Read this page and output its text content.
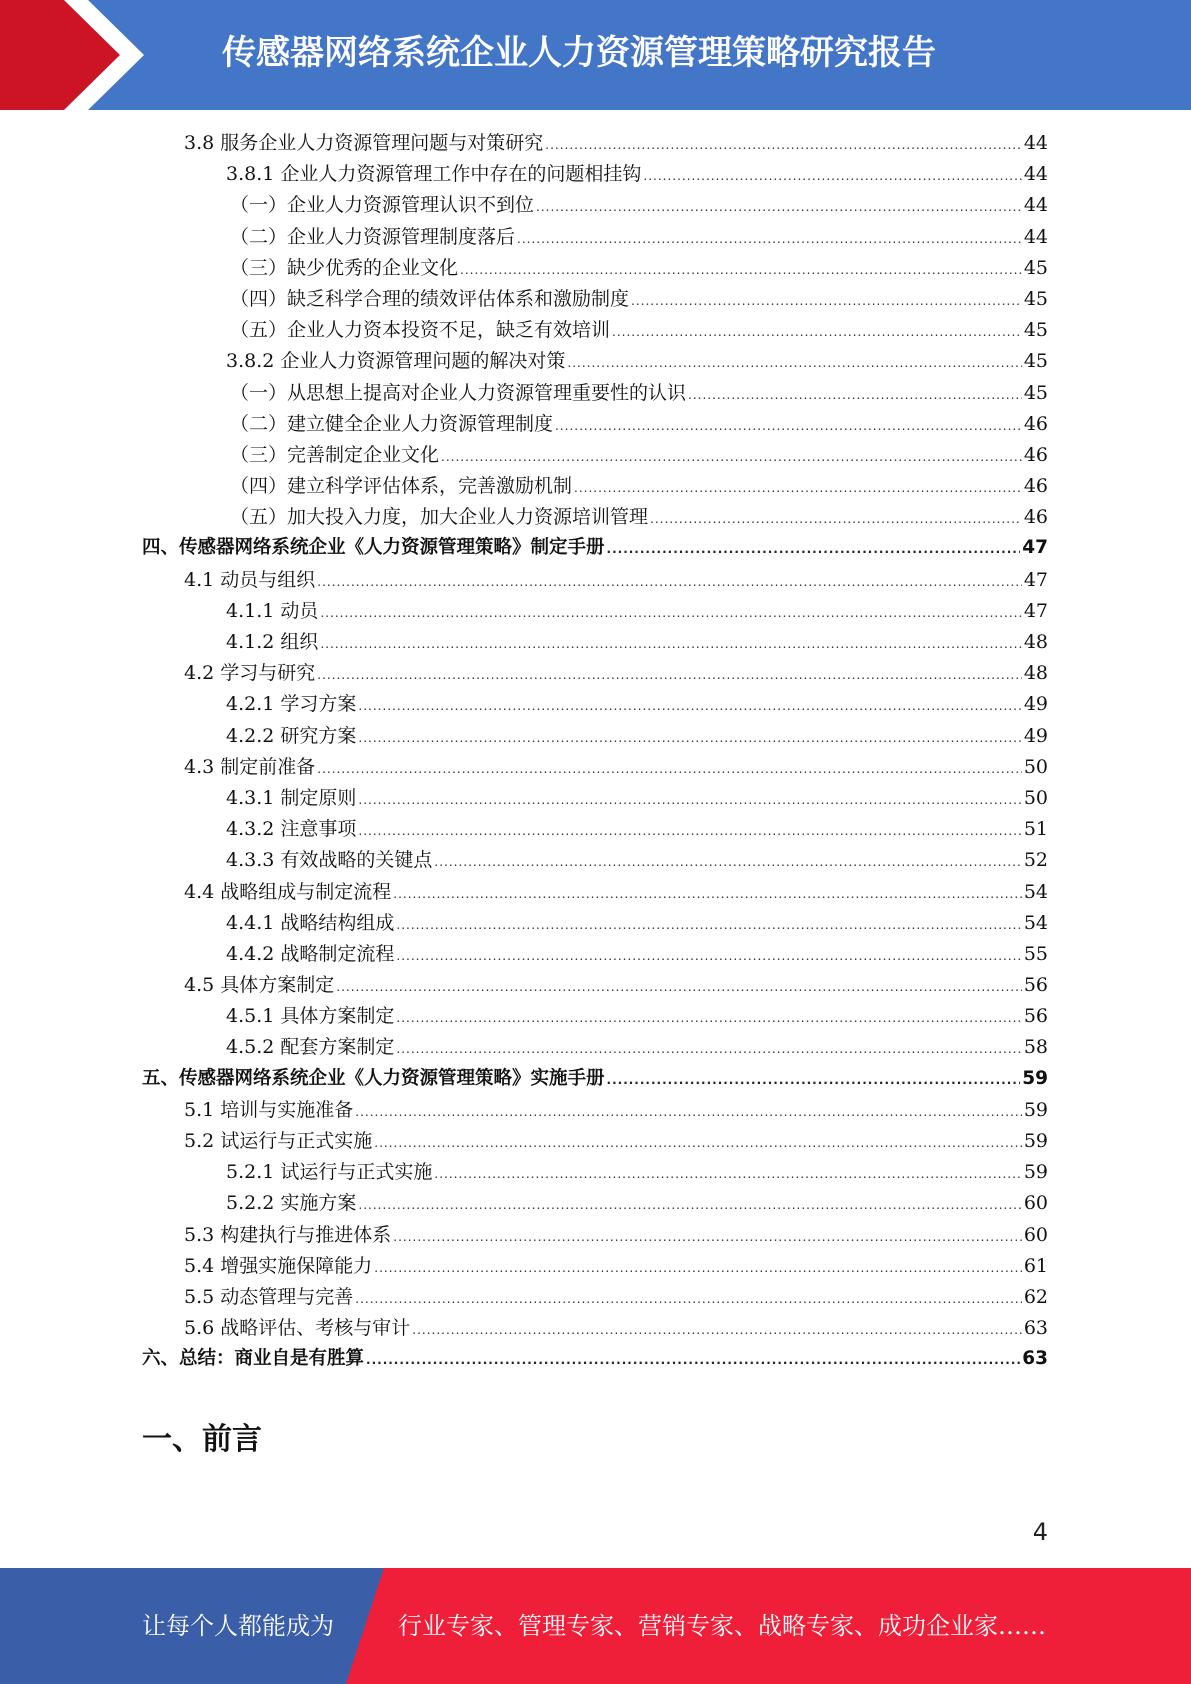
传感器网络系统企业人力资源管理策略研究报告
3.8 服务企业人力资源管理问题与对策研究 .....	44
3.8.1 企业人力资源管理工作中存在的问题相挂钩 .....	44
（一）企业人力资源管理认识不到位 .....	44
（二）企业人力资源管理制度落后 .....	44
（三）缺少优秀的企业文化 .....	45
（四）缺乏科学合理的绩效评估体系和激励制度 .....	45
（五）企业人力资本投资不足，缺乏有效培训 .....	45
3.8.2 企业人力资源管理问题的解决对策 .....	45
（一）从思想上提高对企业人力资源管理重要性的认识 .....	45
（二）建立健全企业人力资源管理制度 .....	46
（三）完善制定企业文化 .....	46
（四）建立科学评估体系，完善激励机制 .....	46
（五）加大投入力度，加大企业人力资源培训管理 .....	46
四、传感器网络系统企业《人力资源管理策略》制定手册 .....	47
4.1 动员与组织 .....	47
4.1.1 动员 .....	47
4.1.2 组织 .....	48
4.2 学习与研究 .....	48
4.2.1 学习方案 .....	49
4.2.2 研究方案 .....	49
4.3 制定前准备 .....	50
4.3.1 制定原则 .....	50
4.3.2 注意事项 .....	51
4.3.3 有效战略的关键点 .....	52
4.4 战略组成与制定流程 .....	54
4.4.1 战略结构组成 .....	54
4.4.2 战略制定流程 .....	55
4.5 具体方案制定 .....	56
4.5.1 具体方案制定 .....	56
4.5.2 配套方案制定 .....	58
五、传感器网络系统企业《人力资源管理策略》实施手册 .....	59
5.1 培训与实施准备 .....	59
5.2 试运行与正式实施 .....	59
5.2.1 试运行与正式实施 .....	59
5.2.2 实施方案 .....	60
5.3 构建执行与推进体系 .....	60
5.4 增强实施保障能力 .....	61
5.5 动态管理与完善 .....	62
5.6 战略评估、考核与审计 .....	63
六、总结：商业自是有胜算 .....	63
一、前言
4
让每个人都能成为	行业专家、管理专家、营销专家、战略专家、成功企业家……
